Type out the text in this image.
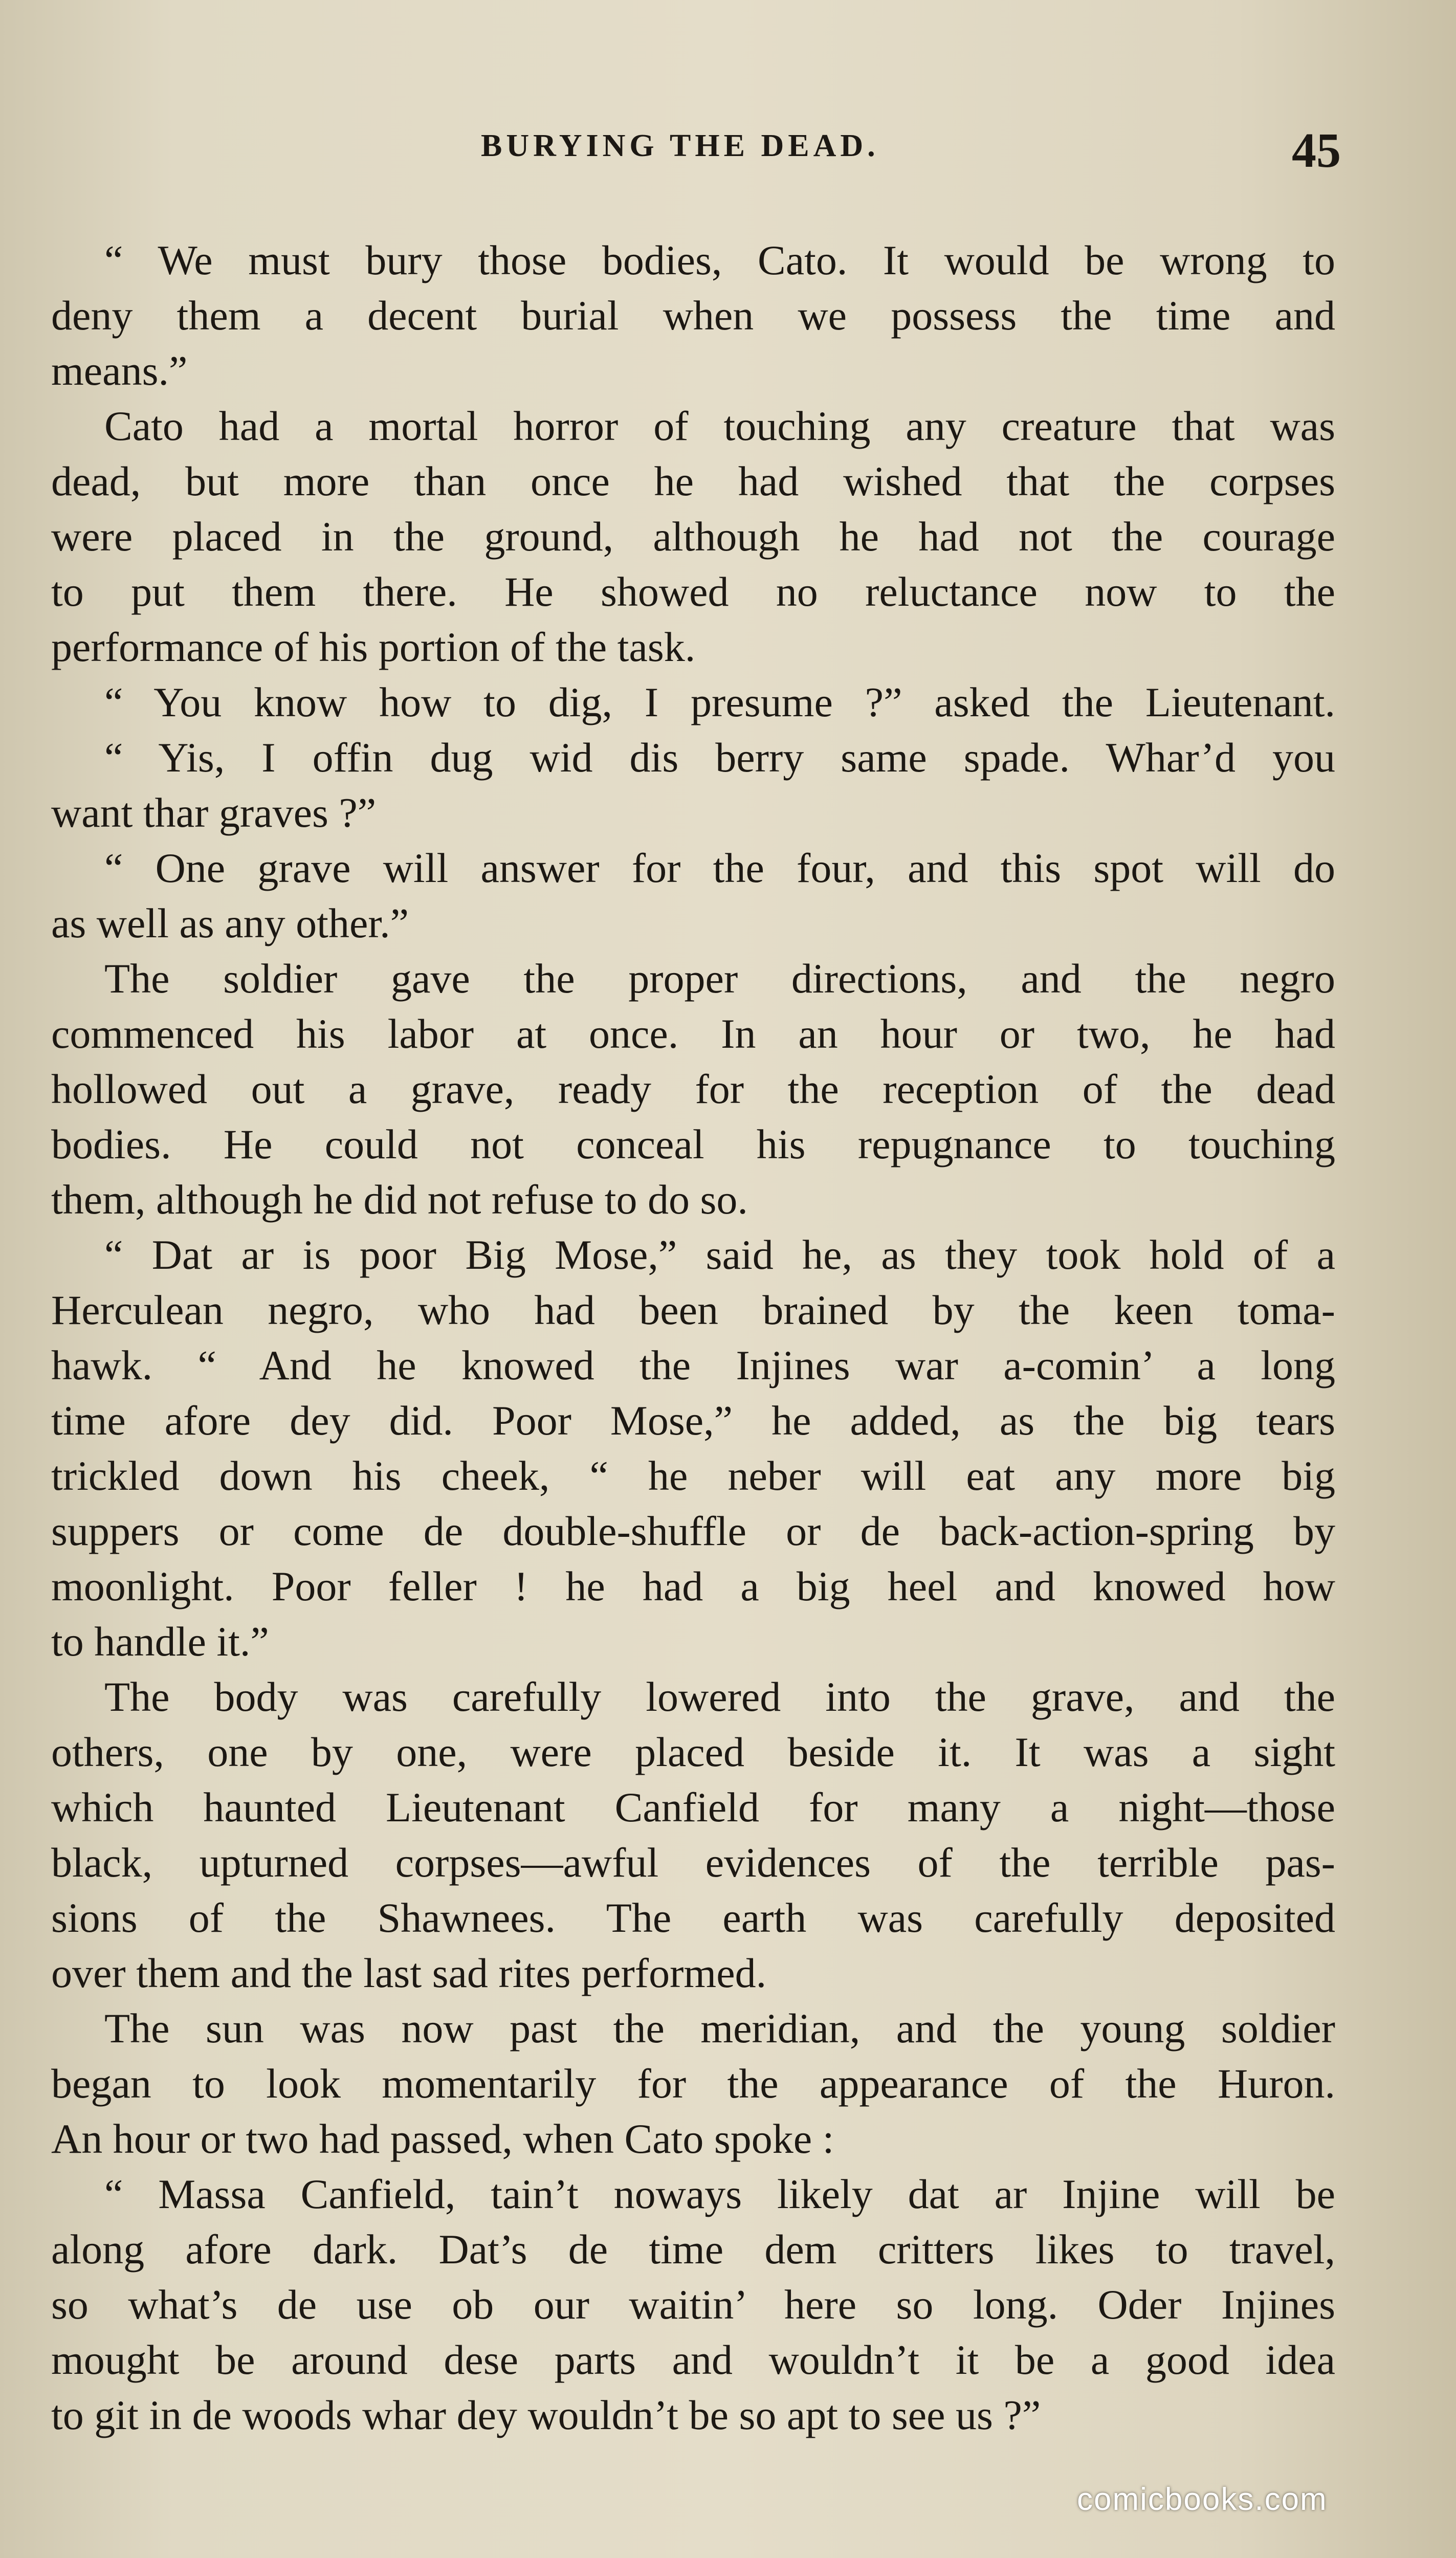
BURYING THE DEAD.	45
“ We must bury those bodies, Cato. It would be wrong to
deny them a decent burial when we possess the time and
means.”
Cato had a mortal horror of touching any creature that was
dead, but more than once he had wished that the corpses
were placed in the ground, although he had not the courage
to put them there. He showed no reluctance now to the
performance of his portion of the task.
“ You know how to dig, I presume ?” asked the Lieutenant.
“ Yis, I offin dug wid dis berry same spade. Whar’d you
want thar graves ?”
“ One grave will answer for the four, and this spot will do
as well as any other.”
The soldier gave the proper directions, and the negro
commenced his labor at once. In an hour or two, he had
hollowed out a grave, ready for the reception of the dead
bodies. He could not conceal his repugnance to touching
them, although he did not refuse to do so.
“ Dat ar is poor Big Mose,” said he, as they took hold of a
Herculean negro, who had been brained by the keen toma-
hawk. “ And he knowed the Injines war a-comin’ a long
time afore dey did. Poor Mose,” he added, as the big tears
trickled down his cheek, “ he neber will eat any more big
suppers or come de double-shuffle or de back-action-spring by
moonlight. Poor feller ! he had a big heel and knowed how
to handle it.”
The body was carefully lowered into the grave, and the
others, one by one, were placed beside it. It was a sight
which haunted Lieutenant Canfield for many a night—those
black, upturned corpses—awful evidences of the terrible pas-
sions of the Shawnees. The earth was carefully deposited
over them and the last sad rites performed.
The sun was now past the meridian, and the young soldier
began to look momentarily for the appearance of the Huron.
An hour or two had passed, when Cato spoke :
“ Massa Canfield, tain’t noways likely dat ar Injine will be
along afore dark. Dat’s de time dem critters likes to travel,
so what’s de use ob our waitin’ here so long. Oder Injines
mought be around dese parts and wouldn’t it be a good idea
to git in de woods whar dey wouldn’t be so apt to see us ?”
comicbooks.com
